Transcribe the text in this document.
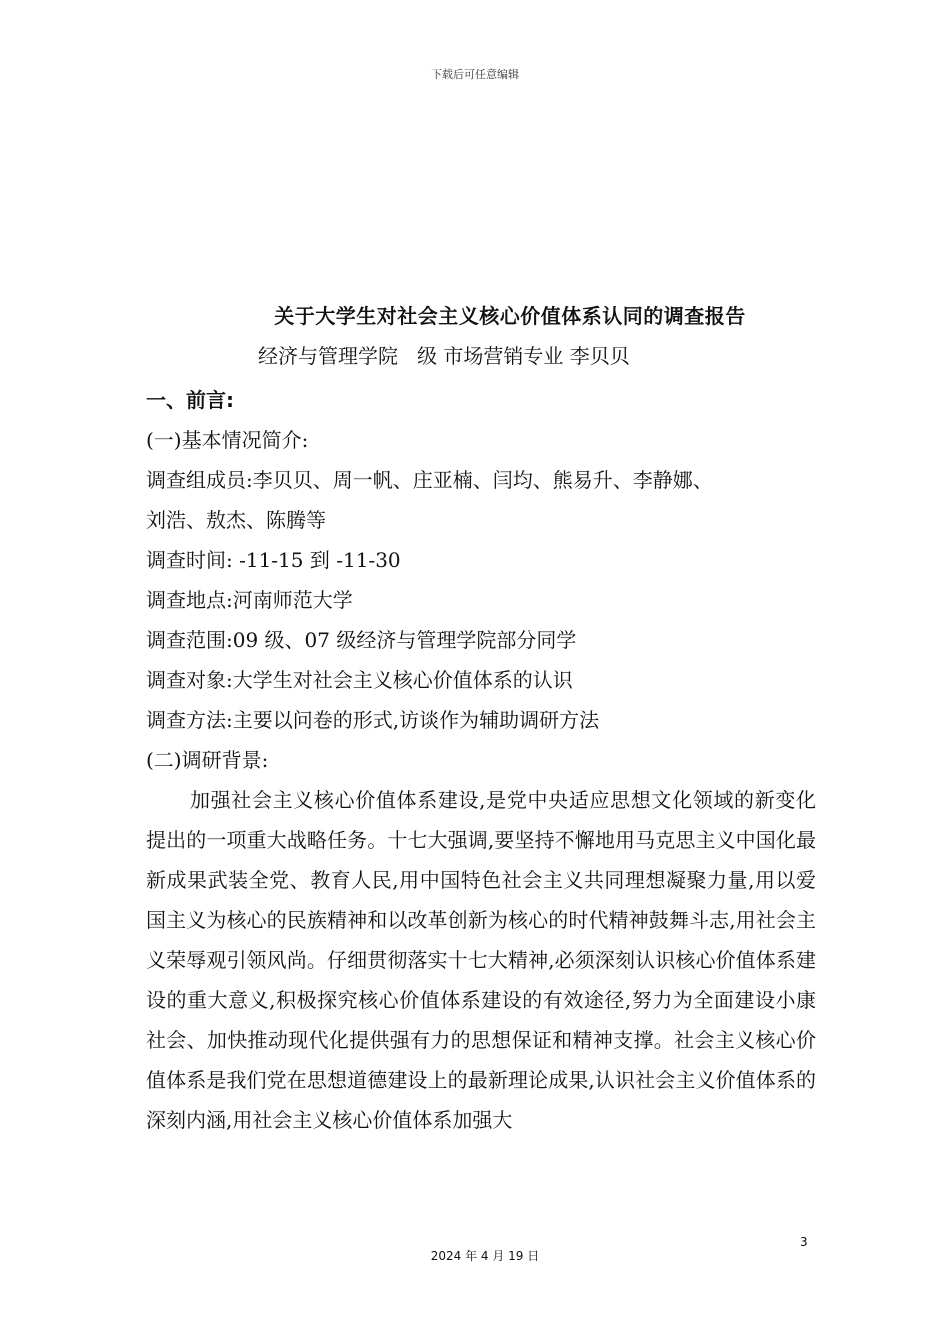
下载后可任意编辑
关于大学生对社会主义核心价值体系认同的调查报告
经济与管理学院   级 市场营销专业 李贝贝
一、前言:
(一)基本情况简介:
调查组成员:李贝贝、周一帆、庄亚楠、闫均、熊易升、李静娜、
刘浩、敖杰、陈腾等
调查时间: -11-15 到 -11-30
调查地点:河南师范大学
调查范围:09 级、07 级经济与管理学院部分同学
调查对象:大学生对社会主义核心价值体系的认识
调查方法:主要以问卷的形式,访谈作为辅助调研方法
(二)调研背景:

加强社会主义核心价值体系建设,是党中央适应思想文化领域的新变化提出的一项重大战略任务。十七大强调,要坚持不懈地用马克思主义中国化最新成果武装全党、教育人民,用中国特色社会主义共同理想凝聚力量,用以爱国主义为核心的民族精神和以改革创新为核心的时代精神鼓舞斗志,用社会主义荣辱观引领风尚。仔细贯彻落实十七大精神,必须深刻认识核心价值体系建设的重大意义,积极探究核心价值体系建设的有效途径,努力为全面建设小康社会、加快推动现代化提供强有力的思想保证和精神支撑。社会主义核心价值体系是我们党在思想道德建设上的最新理论成果,认识社会主义价值体系的深刻内涵,用社会主义核心价值体系加强大

3
2024 年 4 月 19 日
